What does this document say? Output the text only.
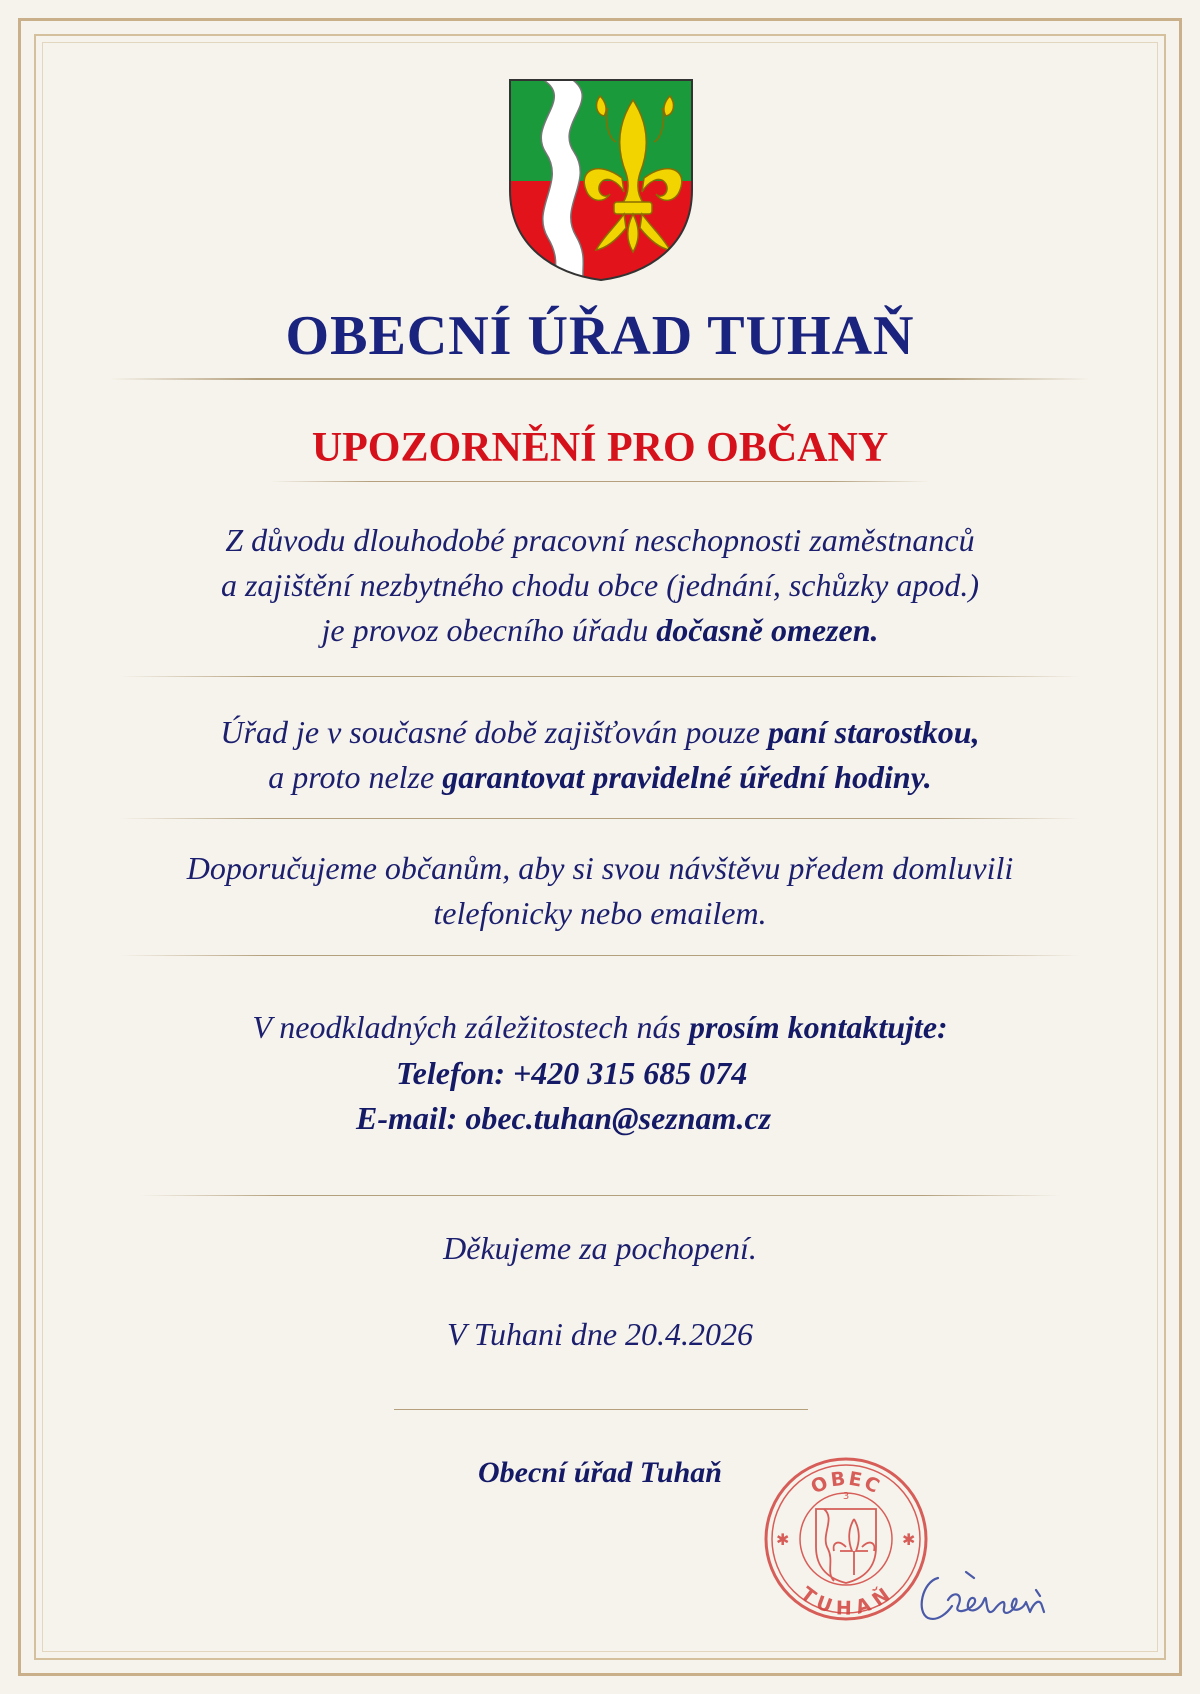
OBECNÍ ÚŘAD TUHAŇ
UPOZORNĚNÍ PRO OBČANY
Z důvodu dlouhodobé pracovní neschopnosti zaměstnanců
a zajištění nezbytného chodu obce (jednání, schůzky apod.)
je provoz obecního úřadu dočasně omezen.
Úřad je v současné době zajišťován pouze paní starostkou,
a proto nelze garantovat pravidelné úřední hodiny.
Doporučujeme občanům, aby si svou návštěvu předem domluvili
telefonicky nebo emailem.
V neodkladných záležitostech nás prosím kontaktujte:
Telefon: +420 315 685 074
E-mail: obec.tuhan@seznam.cz
Děkujeme za pochopení.
V Tuhani dne 20.4.2026
Obecní úřad Tuhaň	OBEC
TUHAŇ
3
✱	✱
